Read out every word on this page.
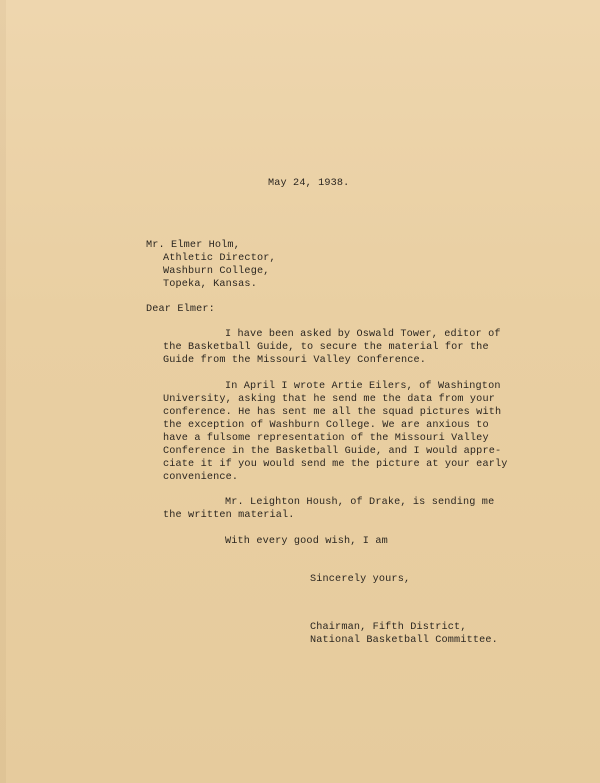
May 24, 1938.
Mr. Elmer Holm,
Athletic Director,
Washburn College,
Topeka, Kansas.
Dear Elmer:
I have been asked by Oswald Tower, editor of
the Basketball Guide, to secure the material for the
Guide from the Missouri Valley Conference.
In April I wrote Artie Eilers, of Washington
University, asking that he send me the data from your
conference. He has sent me all the squad pictures with
the exception of Washburn College. We are anxious to
have a fulsome representation of the Missouri Valley
Conference in the Basketball Guide, and I would appre-
ciate it if you would send me the picture at your early
convenience.
Mr. Leighton Housh, of Drake, is sending me
the written material.
With every good wish, I am
Sincerely yours,
Chairman, Fifth District,
National Basketball Committee.
